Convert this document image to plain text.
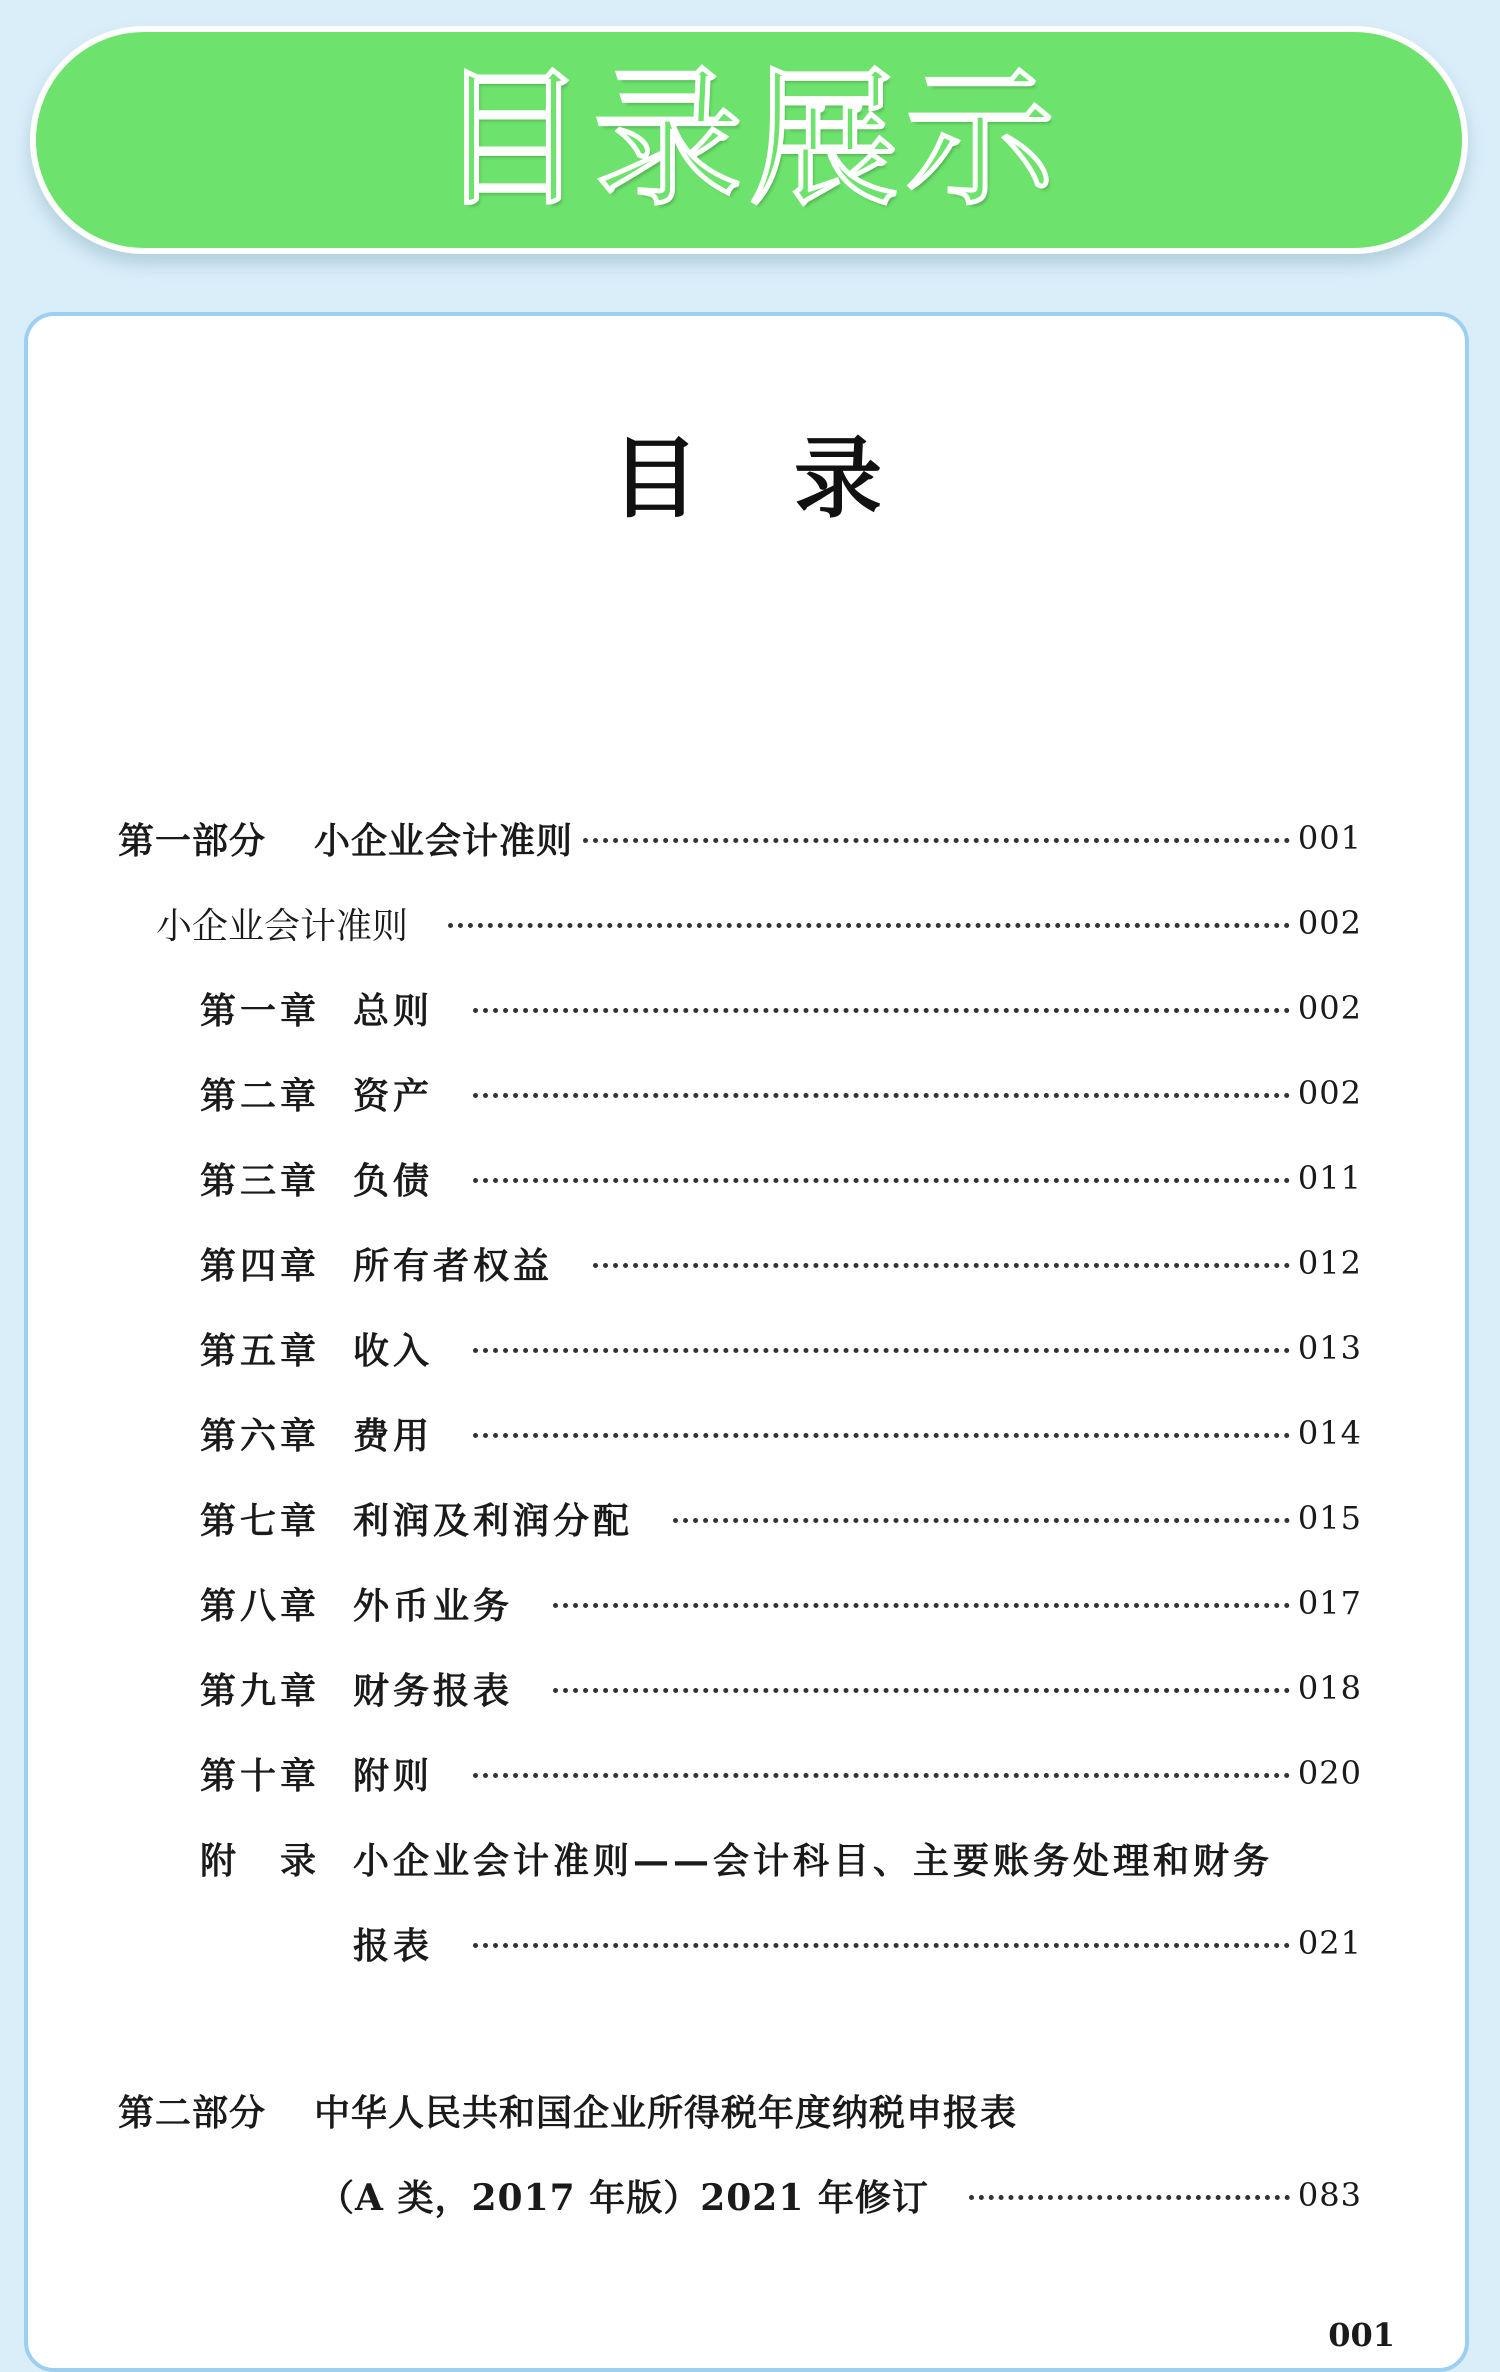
目录展示
目 录
第一部分	小企业会计准则	001
小企业会计准则	002
第一章 总则	002
第二章 资产	002
第三章 负债	011
第四章 所有者权益	012
第五章 收入	013
第六章 费用	014
第七章 利润及利润分配	015
第八章 外币业务	017
第九章 财务报表	018
第十章 附则	020
附　录 小企业会计准则——会计科目、主要账务处理和财务
报表	021
第二部分	中华人民共和国企业所得税年度纳税申报表
（A 类，2017 年版）2021 年修订	083
001
